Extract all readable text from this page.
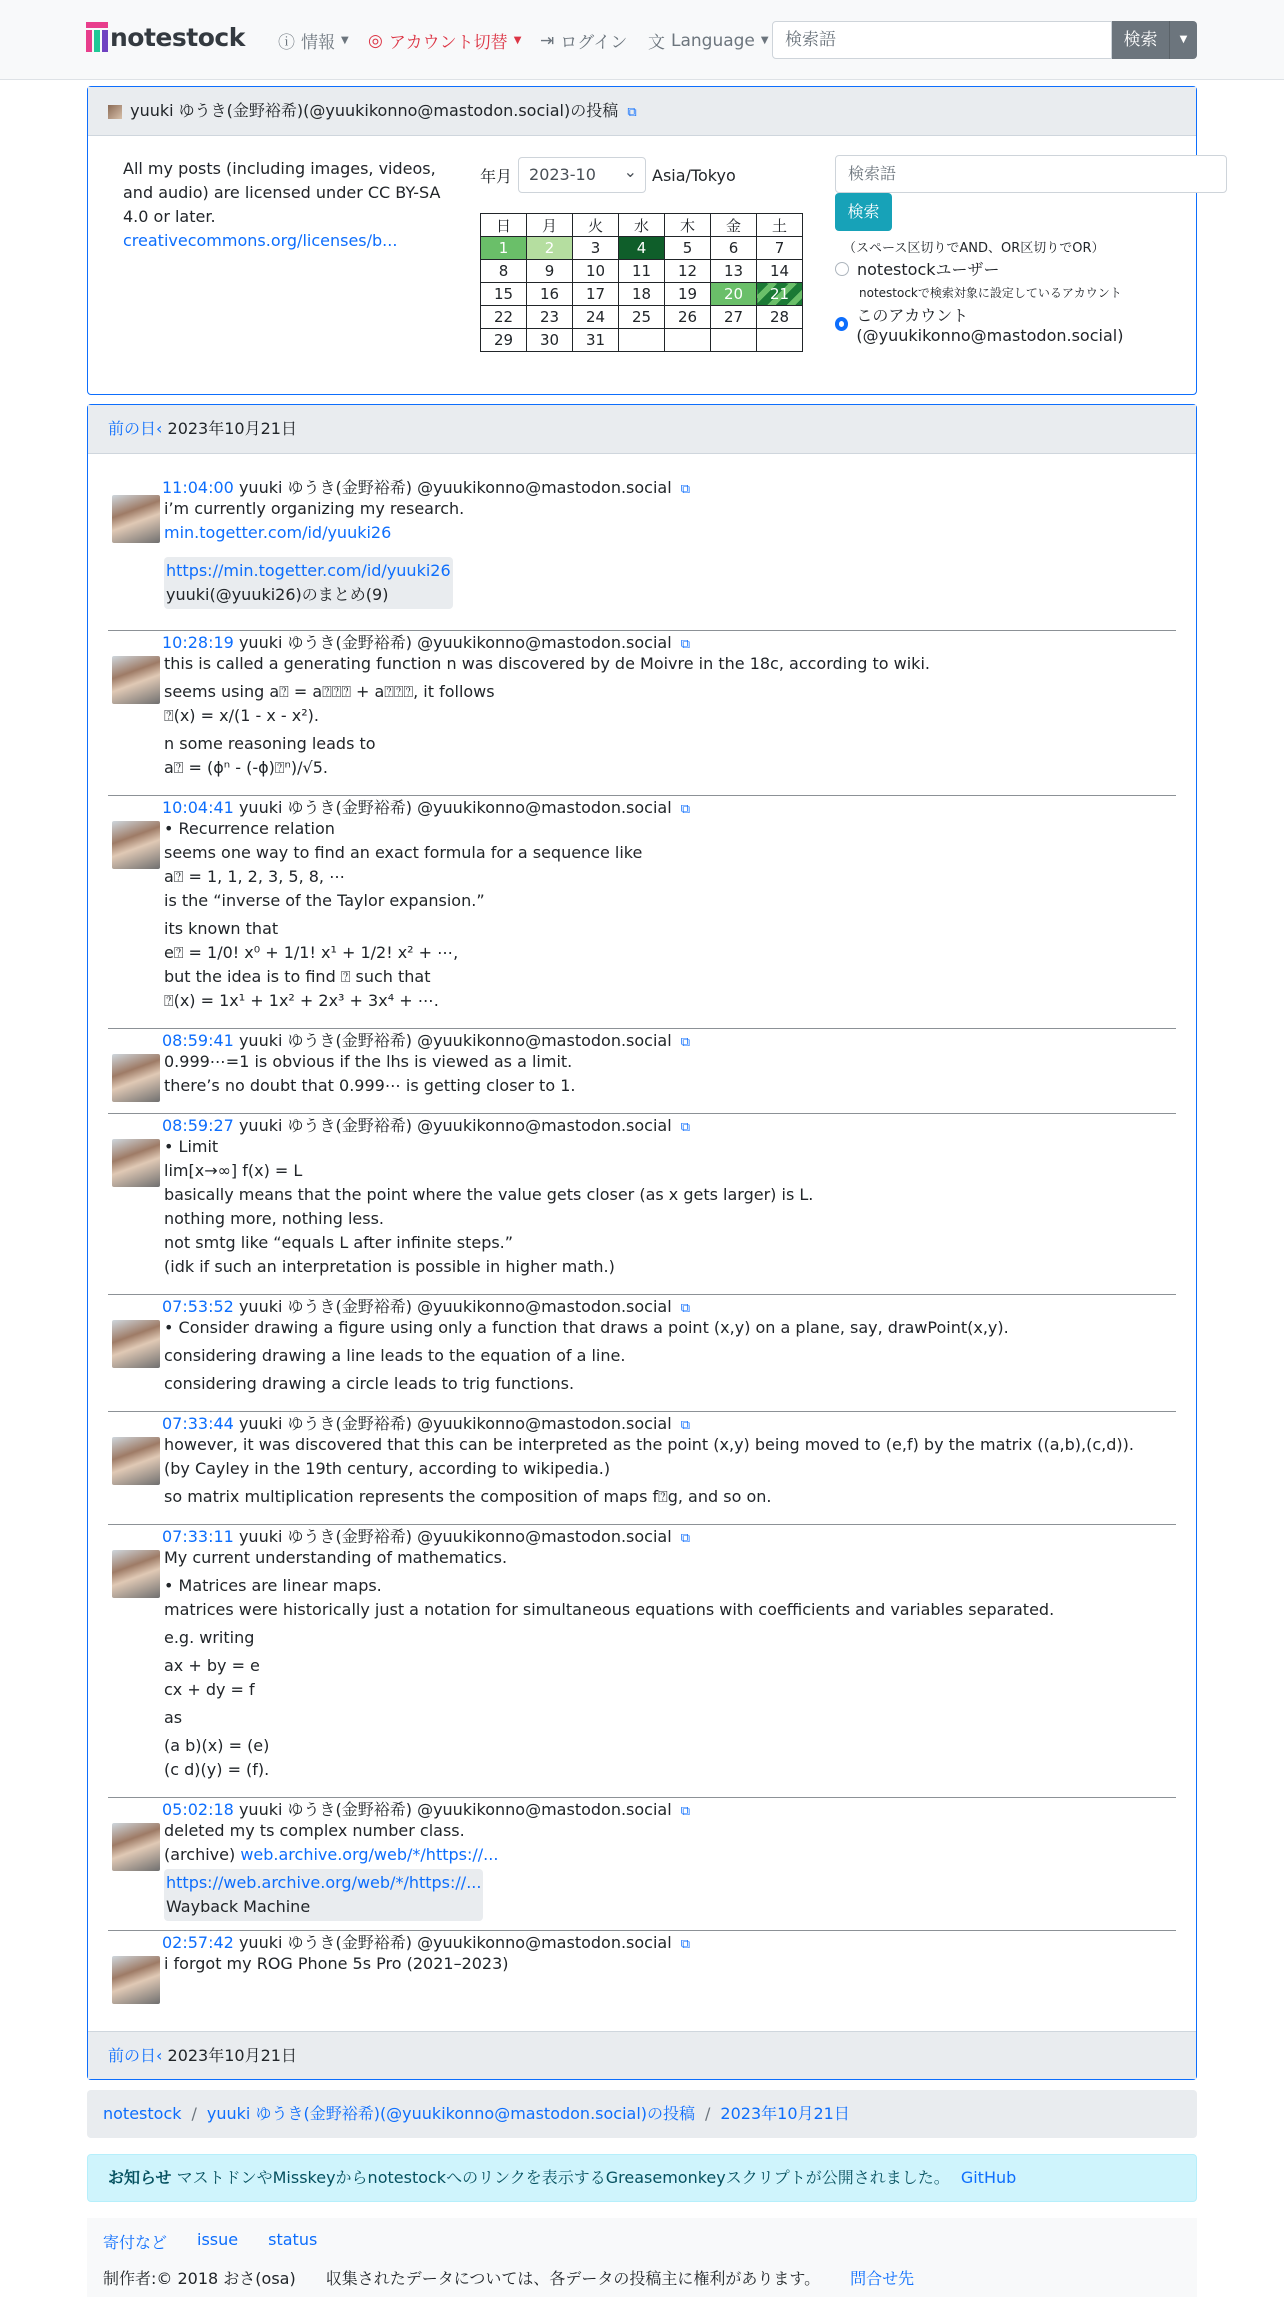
notestock ⓘ 情報 ▼ ◎ アカウント切替 ▼ ⇥ ログイン 文 Language ▼ 検索語	検索	▼
yuuki ゆうき(金野裕希)(@yuukikonno@mastodon.social)の投稿 ⧉
All my posts (including images, videos, and audio) are licensed under CC BY-SA 4.0 or later. creativecommons.org/licenses/b...
年月	2023-10 ⌄	Asia/Tokyo
日	月	火	水	木	金	土
1	2	3	4	5	6	7
8	9	10	11	12	13	14
15	16	17	18	19	20	21
22	23	24	25	26	27	28
29	30	31				
検索語
検索
（スペース区切りでAND、OR区切りでOR）
notestockユーザー
notestockで検索対象に設定しているアカウント
このアカウント(@yuukikonno@mastodon.social)
前の日‹ 2023年10月21日
11:04:00 yuuki ゆうき(金野裕希) @yuukikonno@mastodon.social ⧉

i’m currently organizing my research.

min.togetter.com/id/yuuki26

https://min.togetter.com/id/yuuki26

yuuki(@yuuki26)のまとめ(9)

10:28:19 yuuki ゆうき(金野裕希) @yuukikonno@mastodon.social ⧉

this is called a generating function n was discovered by de Moivre in the 18c, according to wiki.

seems using a⍰ = a⍰⍰⍰ + a⍰⍰⍰, it follows

⍰(x) = x/(1 - x - x²).

n some reasoning leads to

a⍰ = (ϕⁿ - (-ϕ)⍰ⁿ)/√5.

10:04:41 yuuki ゆうき(金野裕希) @yuukikonno@mastodon.social ⧉

• Recurrence relation

seems one way to find an exact formula for a sequence like

a⍰ = 1, 1, 2, 3, 5, 8, ⋯

is the “inverse of the Taylor expansion.”

its known that

e⍰ = 1/0! x⁰ + 1/1! x¹ + 1/2! x² + ⋯,

but the idea is to find ⍰ such that

⍰(x) = 1x¹ + 1x² + 2x³ + 3x⁴ + ⋯.

08:59:41 yuuki ゆうき(金野裕希) @yuukikonno@mastodon.social ⧉

0.999⋯=1 is obvious if the lhs is viewed as a limit.

there’s no doubt that 0.999⋯ is getting closer to 1.

08:59:27 yuuki ゆうき(金野裕希) @yuukikonno@mastodon.social ⧉

• Limit

lim[x→∞] f(x) = L

basically means that the point where the value gets closer (as x gets larger) is L.

nothing more, nothing less.

not smtg like “equals L after infinite steps.”

(idk if such an interpretation is possible in higher math.)

07:53:52 yuuki ゆうき(金野裕希) @yuukikonno@mastodon.social ⧉

• Consider drawing a figure using only a function that draws a point (x,y) on a plane, say, drawPoint(x,y).

considering drawing a line leads to the equation of a line.

considering drawing a circle leads to trig functions.

07:33:44 yuuki ゆうき(金野裕希) @yuukikonno@mastodon.social ⧉

however, it was discovered that this can be interpreted as the point (x,y) being moved to (e,f) by the matrix ((a,b),(c,d)). (by Cayley in the 19th century, according to wikipedia.)

so matrix multiplication represents the composition of maps f⍰g, and so on.

07:33:11 yuuki ゆうき(金野裕希) @yuukikonno@mastodon.social ⧉

My current understanding of mathematics.

• Matrices are linear maps.

matrices were historically just a notation for simultaneous equations with coefficients and variables separated.

e.g. writing

ax + by = e

cx + dy = f

as

(a b)(x) = (e)

(c d)(y) = (f).

05:02:18 yuuki ゆうき(金野裕希) @yuukikonno@mastodon.social ⧉

deleted my ts complex number class.

(archive) web.archive.org/web/*/https://...

https://web.archive.org/web/*/https://...

Wayback Machine

02:57:42 yuuki ゆうき(金野裕希) @yuukikonno@mastodon.social ⧉

i forgot my ROG Phone 5s Pro (2021–2023)

前の日‹ 2023年10月21日
notestock / yuuki ゆうき(金野裕希)(@yuukikonno@mastodon.social)の投稿 / 2023年10月21日
お知らせ マストドンやMisskeyからnotestockへのリンクを表示するGreasemonkeyスクリプトが公開されました。 GitHub
寄付など issue status
制作者:© 2018 おさ(osa) 収集されたデータについては、各データの投稿主に権利があります。 問合せ先
